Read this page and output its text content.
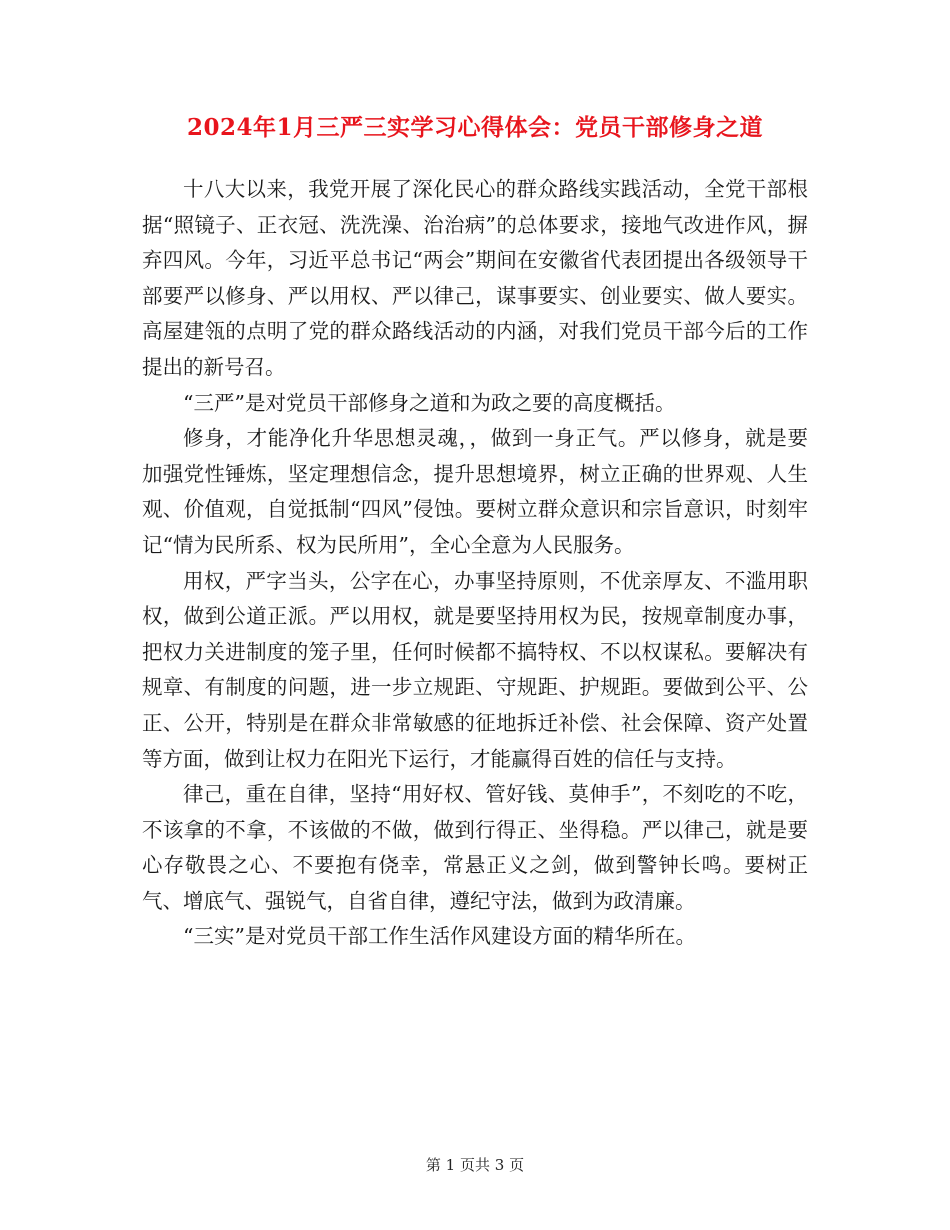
2024年1月三严三实学习心得体会：党员干部修身之道

十八大以来，我党开展了深化民心的群众路线实践活动，全党干部根据“照镜子、正衣冠、洗洗澡、治治病”的总体要求，接地气改进作风，摒弃四风。今年，习近平总书记“两会”期间在安徽省代表团提出各级领导干部要严以修身、严以用权、严以律己，谋事要实、创业要实、做人要实。高屋建瓴的点明了党的群众路线活动的内涵，对我们党员干部今后的工作提出的新号召。

“三严”是对党员干部修身之道和为政之要的高度概括。

修身，才能净化升华思想灵魂，，做到一身正气。严以修身，就是要加强党性锤炼，坚定理想信念，提升思想境界，树立正确的世界观、人生观、价值观，自觉抵制“四风”侵蚀。要树立群众意识和宗旨意识，时刻牢记“情为民所系、权为民所用”，全心全意为人民服务。

用权，严字当头，公字在心，办事坚持原则，不优亲厚友、不滥用职权，做到公道正派。严以用权，就是要坚持用权为民，按规章制度办事，把权力关进制度的笼子里，任何时候都不搞特权、不以权谋私。要解决有规章、有制度的问题，进一步立规距、守规距、护规距。要做到公平、公正、公开，特别是在群众非常敏感的征地拆迁补偿、社会保障、资产处置等方面，做到让权力在阳光下运行，才能赢得百姓的信任与支持。

律己，重在自律，坚持“用好权、管好钱、莫伸手”，不刻吃的不吃，不该拿的不拿，不该做的不做，做到行得正、坐得稳。严以律己，就是要心存敬畏之心、不要抱有侥幸，常悬正义之剑，做到警钟长鸣。要树正气、增底气、强锐气，自省自律，遵纪守法，做到为政清廉。

“三实”是对党员干部工作生活作风建设方面的精华所在。

第 1 页共 3 页
